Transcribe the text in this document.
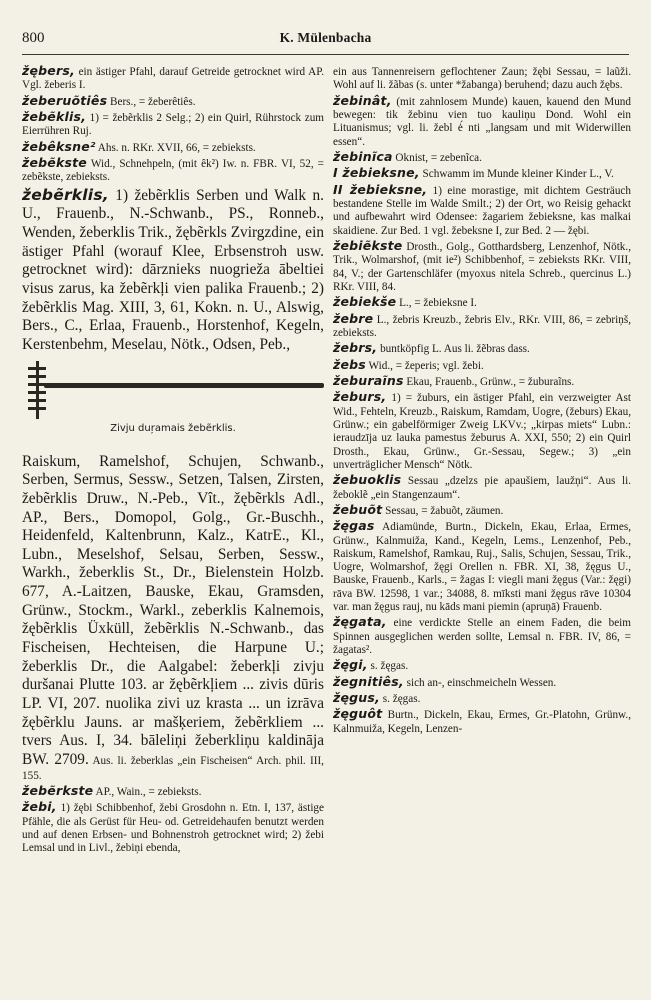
800	K. Mülenbacha

žębers, ein ästiger Pfahl, darauf Getreide getrocknet wird AP. Vgl. žeberis I.

žeberuõtiês Bers., = žeberêtiês.

žebẽklis, 1) = žebẽrklis 2 Selg.; 2) ein Quirl, Rührstock zum Eierrühren Ruj.

žebêksne² Ahs. n. RKr. XVII, 66, = zebieksts.

žebẽkste Wid., Schnehpeln, (mit êk²) Iw. n. FBR. VI, 52, = zebẽkste, zebieksts.

žebẽrklis, 1) žebẽrklis Serben und Walk n. U., Frauenb., N.-Schwanb., PS., Ronneb., Wenden, žeberklis Trik., žębẽrkls Zvirgzdine, ein ästiger Pfahl (worauf Klee, Erbsenstroh usw. getrocknet wird): dārznieks nuogrieža ābeltiei visus zarus, ka žebẽrkļi vien palika Frauenb.; 2) žebẽrklis Mag. XIII, 3, 61, Kokn. n. U., Alswig, Bers., C., Erlaa, Frauenb., Horstenhof, Kegeln, Kerstenbehm, Meselau, Nötk., Odsen, Peb.,

Zivju duŗamais žebẽrklis.

Raiskum, Ramelshof, Schujen, Schwanb., Serben, Sermus, Sessw., Setzen, Talsen, Zirsten, žebẽrklis Druw., N.-Peb., Vît., žębẽrkls Adl., AP., Bers., Domopol, Golg., Gr.-Buschh., Heidenfeld, Kaltenbrunn, Kalz., KatrE., Kl., Lubn., Meselshof, Selsau, Serben, Sessw., Warkh., žeberklis St., Dr., Bielenstein Holzb. 677, A.-Laitzen, Bauske, Ekau, Gramsden, Grünw., Stockm., Warkl., zeberklis Kalnemois, žębẽrklis Üxküll, žebẽrklis N.-Schwanb., das Fischeisen, Hechteisen, die Harpune U.; žeberklis Dr., die Aalgabel: žeberkļi zivju duršanai Plutte 103. ar žębẽrkļiem ... zivis dūris LP. VI, 207. nuolika zivi uz krasta ... un izrāva žębẽrklu Jauns. ar mašķeriem, žebẽrkliem ... tvers Aus. I, 34. bāleliņi žeberkliņu kaldināja BW. 2709. Aus. li. žeberklas „ein Fischeisen“ Arch. phil. III, 155.

žebẽrkste AP., Wain., = zebieksts.

žebi, 1) žębi Schibbenhof, žebi Grosdohn n. Etn. I, 137, ästige Pfähle, die als Gerüst für Heu- od. Getreidehaufen benutzt werden und auf denen Erbsen- und Bohnenstroh getrocknet wird; 2) žebi Lemsal und in Livl., žebiņi ebenda,

ein aus Tannenreisern geflochtener Zaun; žębi Sessau, = laũži. Wohl auf li. žãbas (s. unter *žabanga) beruhend; dazu auch žębs.

žebinât, (mit zahnlosem Munde) kauen, kauend den Mund bewegen: tik žebinu vien tuo kauliņu Dond. Wohl ein Lituanismus; vgl. li. žebl ė́ nti „langsam und mit Widerwillen essen“.

žebinĩca Oknist, = zebenĩca.

I žebieksne, Schwamm im Munde kleiner Kinder L., V.

II žebieksne, 1) eine morastige, mit dichtem Gesträuch bestandene Stelle im Walde Smilt.; 2) der Ort, wo Reisig gehackt und aufbewahrt wird Odensee: žagariem žebieksne, kas malkai skaidiene. Zur Bed. 1 vgl. žebeksne I, zur Bed. 2 — žębi.

žebiẽkste Drosth., Golg., Gotthardsberg, Lenzenhof, Nötk., Trik., Wolmarshof, (mit ie²) Schibbenhof, = zebieksts RKr. VIII, 84, V.; der Gartenschläfer (myoxus nitela Schreb., quercinus L.) RKr. VIII, 84.

žebiekše L., = žebieksne I.

žebre L., žebris Kreuzb., žebris Elv., RKr. VIII, 86, = zebriņš, zebieksts.

žebrs, buntköpfig L. Aus li. žẽbras dass.

žebs Wid., = žeperis; vgl. žebi.

žeburaĩns Ekau, Frauenb., Grünw., = žuburaĩns.

žeburs, 1) = žuburs, ein ästiger Pfahl, ein verzweigter Ast Wid., Fehteln, Kreuzb., Raiskum, Ramdam, Uogre, (žeburs) Ekau, Grünw.; ein gabelförmiger Zweig LKVv.; „kirpas miets“ Lubn.: ieraudzīja uz lauka pamestus žeburus A. XXI, 550; 2) ein Quirl Drosth., Ekau, Grünw., Gr.-Sessau, Segew.; 3) „ein unverträglicher Mensch“ Nötk.

žebuoklis Sessau „dzelzs pie apaušiem, laužņi“. Aus li. žeboklẽ „ein Stangenzaum“.

žebuõt Sessau, = žabuõt, zäumen.

žęgas Adiamünde, Burtn., Dickeln, Ekau, Erlaa, Ermes, Grünw., Kalnmuiža, Kand., Kegeln, Lems., Lenzenhof, Peb., Raiskum, Ramelshof, Ramkau, Ruj., Salis, Schujen, Sessau, Trik., Uogre, Wolmarshof, žęgi Orellen n. FBR. XI, 38, žęgus U., Bauske, Frauenb., Karls., = žagas I: viegli mani žęgus (Var.: žęgi) rāva BW. 12598, 1 var.; 34088, 8. mīksti mani žęgus rāve 10304 var. man žęgus rauj, nu kāds mani piemin (apruņā) Frauenb.

žęgata, eine verdickte Stelle an einem Faden, die beim Spinnen ausgeglichen werden sollte, Lemsal n. FBR. IV, 86, = žagatas².

žęgi, s. žęgas.

žegnitiês, sich an-, einschmeicheln Wessen.

žęgus, s. žęgas.

žęguôt Burtn., Dickeln, Ekau, Ermes, Gr.-Platohn, Grünw., Kalnmuiža, Kegeln, Lenzen-
